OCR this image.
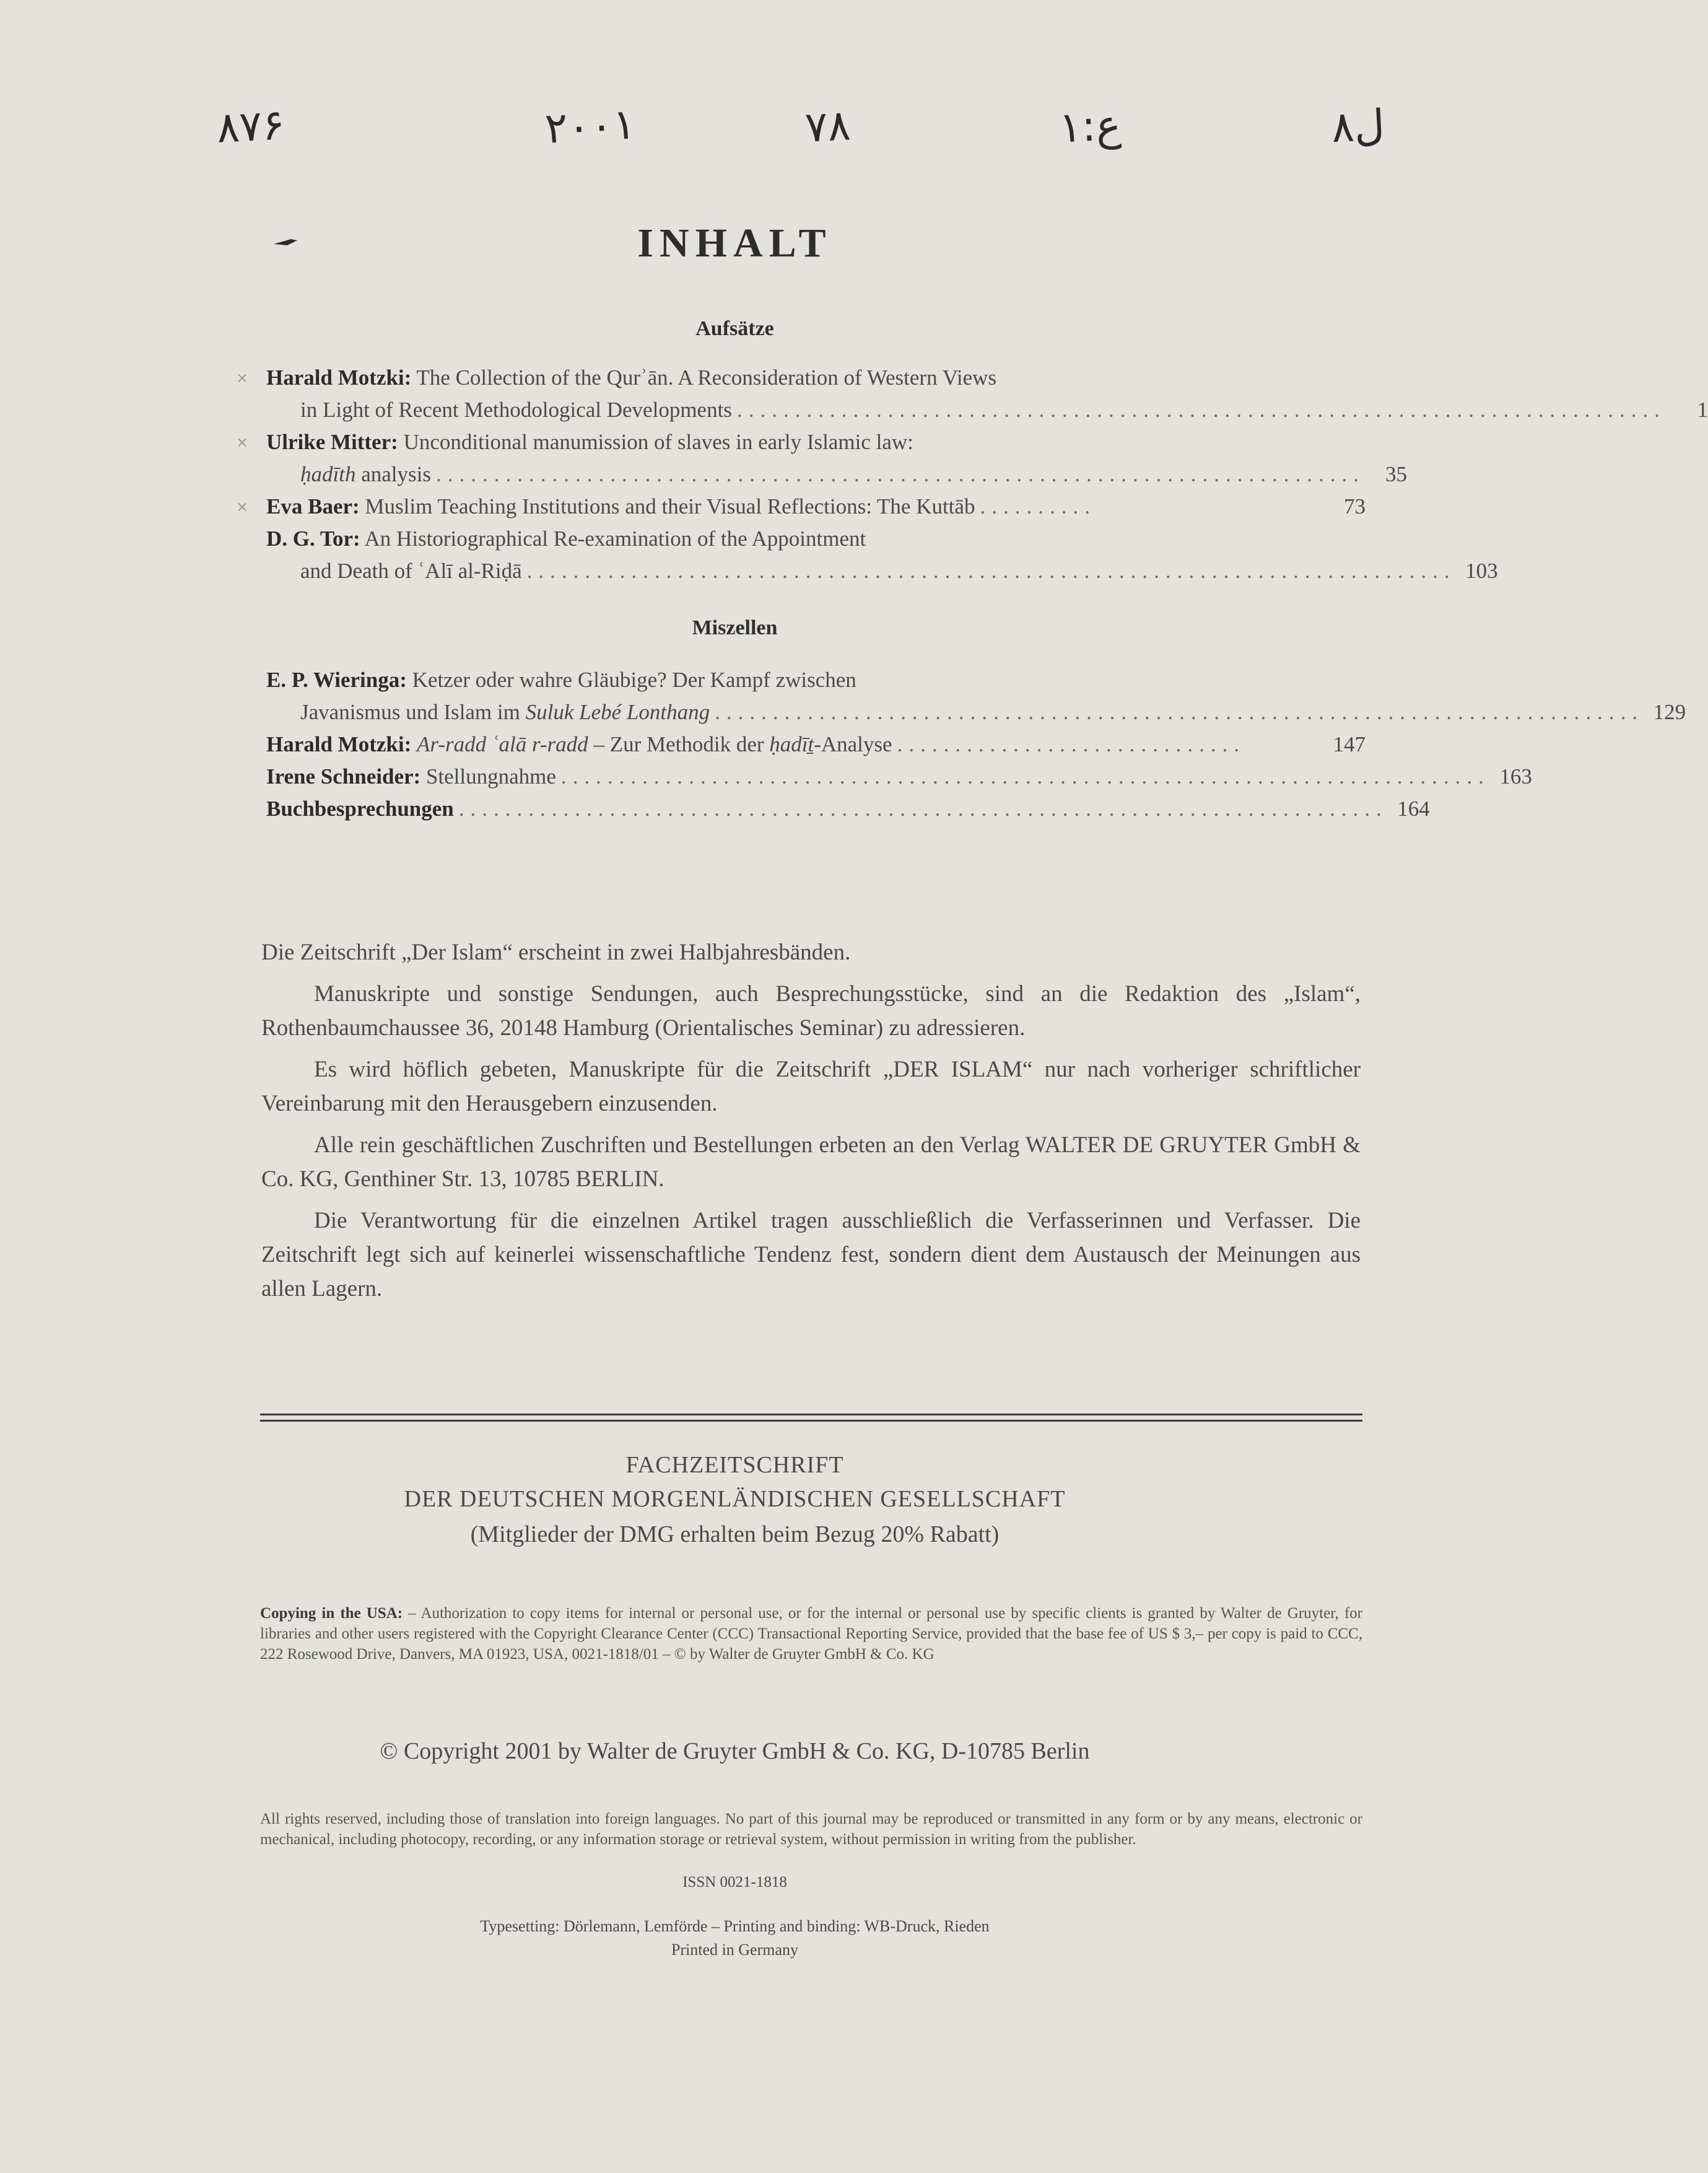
۸۷۶	۲۰۰۱	۷۸	ع:۱	ل۸
INHALT
Aufsätze
× Harald Motzki: The Collection of the Qurʾān. A Reconsideration of Western Views
in Light of Recent Methodological Developments ................................................................................	1
× Ulrike Mitter: Unconditional manumission of slaves in early Islamic law:
ḥadīth analysis ................................................................................ 35
× Eva Baer: Muslim Teaching Institutions and their Visual Reflections: The Kuttāb ..........	73
D. G. Tor: An Historiographical Re-examination of the Appointment
and Death of ʿAlī al-Riḍā ................................................................................ 103
Miszellen
E. P. Wieringa: Ketzer oder wahre Gläubige? Der Kampf zwischen
Javanismus und Islam im Suluk Lebé Lonthang ................................................................................ 129
Harald Motzki: Ar-radd ʿalā r-radd – Zur Methodik der ḥadīṯ-Analyse ..............................	147
Irene Schneider: Stellungnahme ................................................................................ 163
Buchbesprechungen ................................................................................ 164

Die Zeitschrift „Der Islam“ erscheint in zwei Halbjahresbänden.

Manuskripte und sonstige Sendungen, auch Besprechungsstücke, sind an die Redaktion des „Islam“, Rothenbaumchaussee 36, 20148 Hamburg (Orientalisches Seminar) zu adressieren.

Es wird höflich gebeten, Manuskripte für die Zeitschrift „DER ISLAM“ nur nach vorheriger schriftlicher Vereinbarung mit den Herausgebern einzusenden.

Alle rein geschäftlichen Zuschriften und Bestellungen erbeten an den Verlag WALTER DE GRUYTER GmbH & Co. KG, Genthiner Str. 13, 10785 BERLIN.

Die Verantwortung für die einzelnen Artikel tragen ausschließlich die Verfasserinnen und Verfasser. Die Zeitschrift legt sich auf keinerlei wissenschaftliche Tendenz fest, sondern dient dem Austausch der Meinungen aus allen Lagern.

FACHZEITSCHRIFT
DER DEUTSCHEN MORGENLÄNDISCHEN GESELLSCHAFT
(Mitglieder der DMG erhalten beim Bezug 20% Rabatt)
Copying in the USA: – Authorization to copy items for internal or personal use, or for the internal or personal use by specific clients is granted by Walter de Gruyter, for libraries and other users registered with the Copyright Clearance Center (CCC) Transactional Reporting Service, provided that the base fee of US $ 3,– per copy is paid to CCC, 222 Rosewood Drive, Danvers, MA 01923, USA, 0021-1818/01 – © by Walter de Gruyter GmbH & Co. KG
© Copyright 2001 by Walter de Gruyter GmbH & Co. KG, D-10785 Berlin
All rights reserved, including those of translation into foreign languages. No part of this journal may be reproduced or transmitted in any form or by any means, electronic or mechanical, including photocopy, recording, or any information storage or retrieval system, without permission in writing from the publisher.
ISSN 0021-1818
Typesetting: Dörlemann, Lemförde – Printing and binding: WB-Druck, Rieden
Printed in Germany
